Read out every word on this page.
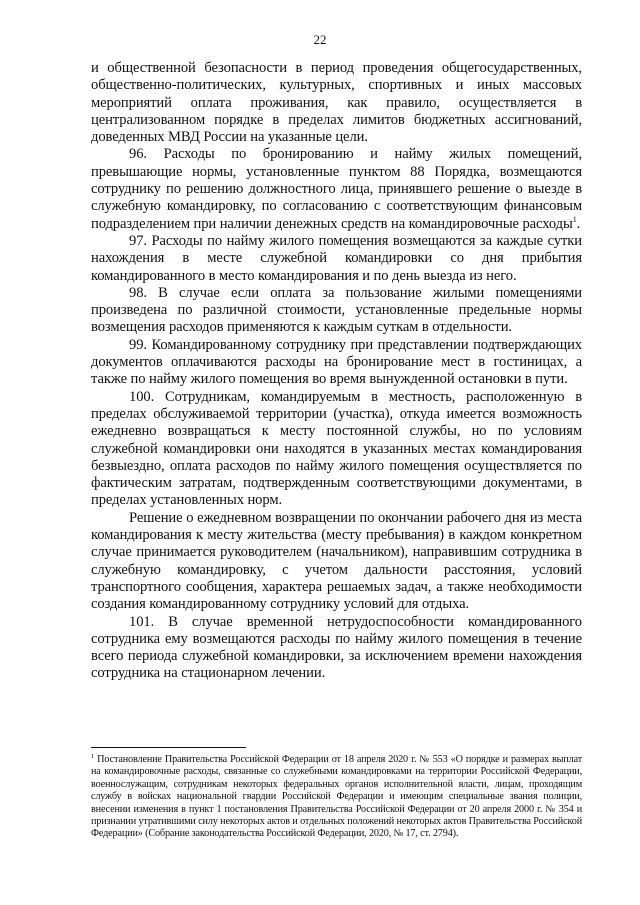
22

и общественной безопасности в период проведения общегосударственных, общественно-политических, культурных, спортивных и иных массовых мероприятий оплата проживания, как правило, осуществляется в централизованном порядке в пределах лимитов бюджетных ассигнований, доведенных МВД России на указанные цели.

96. Расходы по бронированию и найму жилых помещений, превышающие нормы, установленные пунктом 88 Порядка, возмещаются сотруднику по решению должностного лица, принявшего решение о выезде в служебную командировку, по согласованию с соответствующим финансовым подразделением при наличии денежных средств на командировочные расходы$^1$.

97. Расходы по найму жилого помещения возмещаются за каждые сутки нахождения в месте служебной командировки со дня прибытия командированного в место командирования и по день выезда из него.

98. В случае если оплата за пользование жилыми помещениями произведена по различной стоимости, установленные предельные нормы возмещения расходов применяются к каждым суткам в отдельности.

99. Командированному сотруднику при представлении подтверждающих документов оплачиваются расходы на бронирование мест в гостиницах, а также по найму жилого помещения во время вынужденной остановки в пути.

100. Сотрудникам, командируемым в местность, расположенную в пределах обслуживаемой территории (участка), откуда имеется возможность ежедневно возвращаться к месту постоянной службы, но по условиям служебной командировки они находятся в указанных местах командирования безвыездно, оплата расходов по найму жилого помещения осуществляется по фактическим затратам, подтвержденным соответствующими документами, в пределах установленных норм.

Решение о ежедневном возвращении по окончании рабочего дня из места командирования к месту жительства (месту пребывания) в каждом конкретном случае принимается руководителем (начальником), направившим сотрудника в служебную командировку, с учетом дальности расстояния, условий транспортного сообщения, характера решаемых задач, а также необходимости создания командированному сотруднику условий для отдыха.

101. В случае временной нетрудоспособности командированного сотрудника ему возмещаются расходы по найму жилого помещения в течение всего периода служебной командировки, за исключением времени нахождения сотрудника на стационарном лечении.

$^1$ Постановление Правительства Российской Федерации от 18 апреля 2020 г. № 553 «О порядке и размерах выплат на командировочные расходы, связанные со служебными командировками на территории Российской Федерации, военнослужащим, сотрудникам некоторых федеральных органов исполнительной власти, лицам, проходящим службу в войсках национальной гвардии Российской Федерации и имеющим специальные звания полиции, внесении изменения в пункт 1 постановления Правительства Российской Федерации от 20 апреля 2000 г. № 354 и признании утратившими силу некоторых актов и отдельных положений некоторых актов Правительства Российской Федерации» (Собрание законодательства Российской Федерации, 2020, № 17, ст. 2794).
